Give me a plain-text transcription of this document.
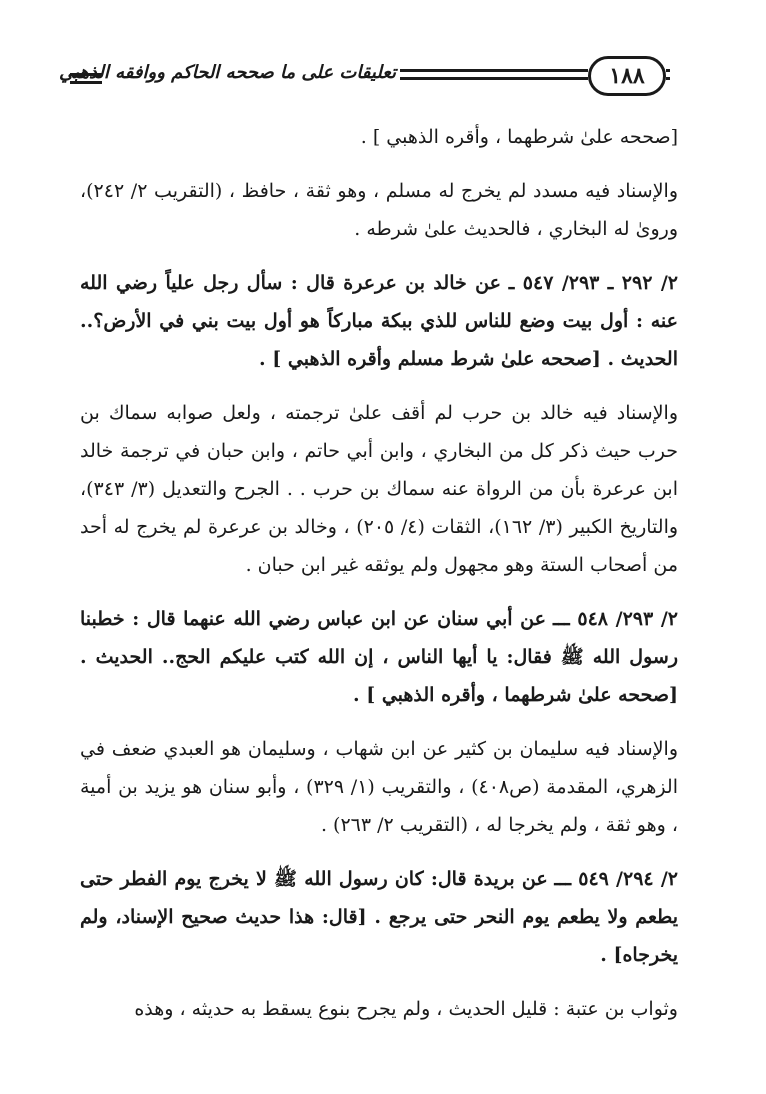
تعليقات على ما صححه الحاكم ووافقه الذهبي	١٨٨

[صححه علىٰ شرطهما ، وأقره الذهبي ] .

والإسناد فيه مسدد لم يخرج له مسلم ، وهو ثقة ، حافظ ، (التقريب ٢/ ٢٤٢)، وروىٰ له البخاري ، فالحديث علىٰ شرطه .

٢/ ٢٩٢ ـ ٢٩٣/ ٥٤٧ ـ عن خالد بن عرعرة قال : سأل رجل علياً رضي الله عنه : أول بيت وضع للناس للذي ببكة مباركاً هو أول بيت بني في الأرض؟.. الحديث . [صححه علىٰ شرط مسلم وأقره الذهبي ] .

والإسناد فيه خالد بن حرب لم أقف علىٰ ترجمته ، ولعل صوابه سماك بن حرب حيث ذكر كل من البخاري ، وابن أبي حاتم ، وابن حبان في ترجمة خالد ابن عرعرة بأن من الرواة عنه سماك بن حرب . . الجرح والتعديل (٣/ ٣٤٣)، والتاريخ الكبير (٣/ ١٦٢)، الثقات (٤/ ٢٠٥) ، وخالد بن عرعرة لم يخرج له أحد من أصحاب الستة وهو مجهول ولم يوثقه غير ابن حبان .

٢/ ٢٩٣/ ٥٤٨ ـــ عن أبي سنان عن ابن عباس رضي الله عنهما قال : خطبنا رسول الله ﷺ فقال: يا أيها الناس ، إن الله كتب عليكم الحج.. الحديث . [صححه علىٰ شرطهما ، وأقره الذهبي ] .

والإسناد فيه سليمان بن كثير عن ابن شهاب ، وسليمان هو العبدي ضعف في الزهري، المقدمة (ص٤٠٨) ، والتقريب (١/ ٣٢٩) ، وأبو سنان هو يزيد بن أمية ، وهو ثقة ، ولم يخرجا له ، (التقريب ٢/ ٢٦٣) .

٢/ ٢٩٤/ ٥٤٩ ـــ عن بريدة قال: كان رسول الله ﷺ لا يخرج يوم الفطر حتى يطعم ولا يطعم يوم النحر حتى يرجع . [قال: هذا حديث صحيح الإسناد، ولم يخرجاه] .

وثواب بن عتبة : قليل الحديث ، ولم يجرح بنوع يسقط به حديثه ، وهذه
